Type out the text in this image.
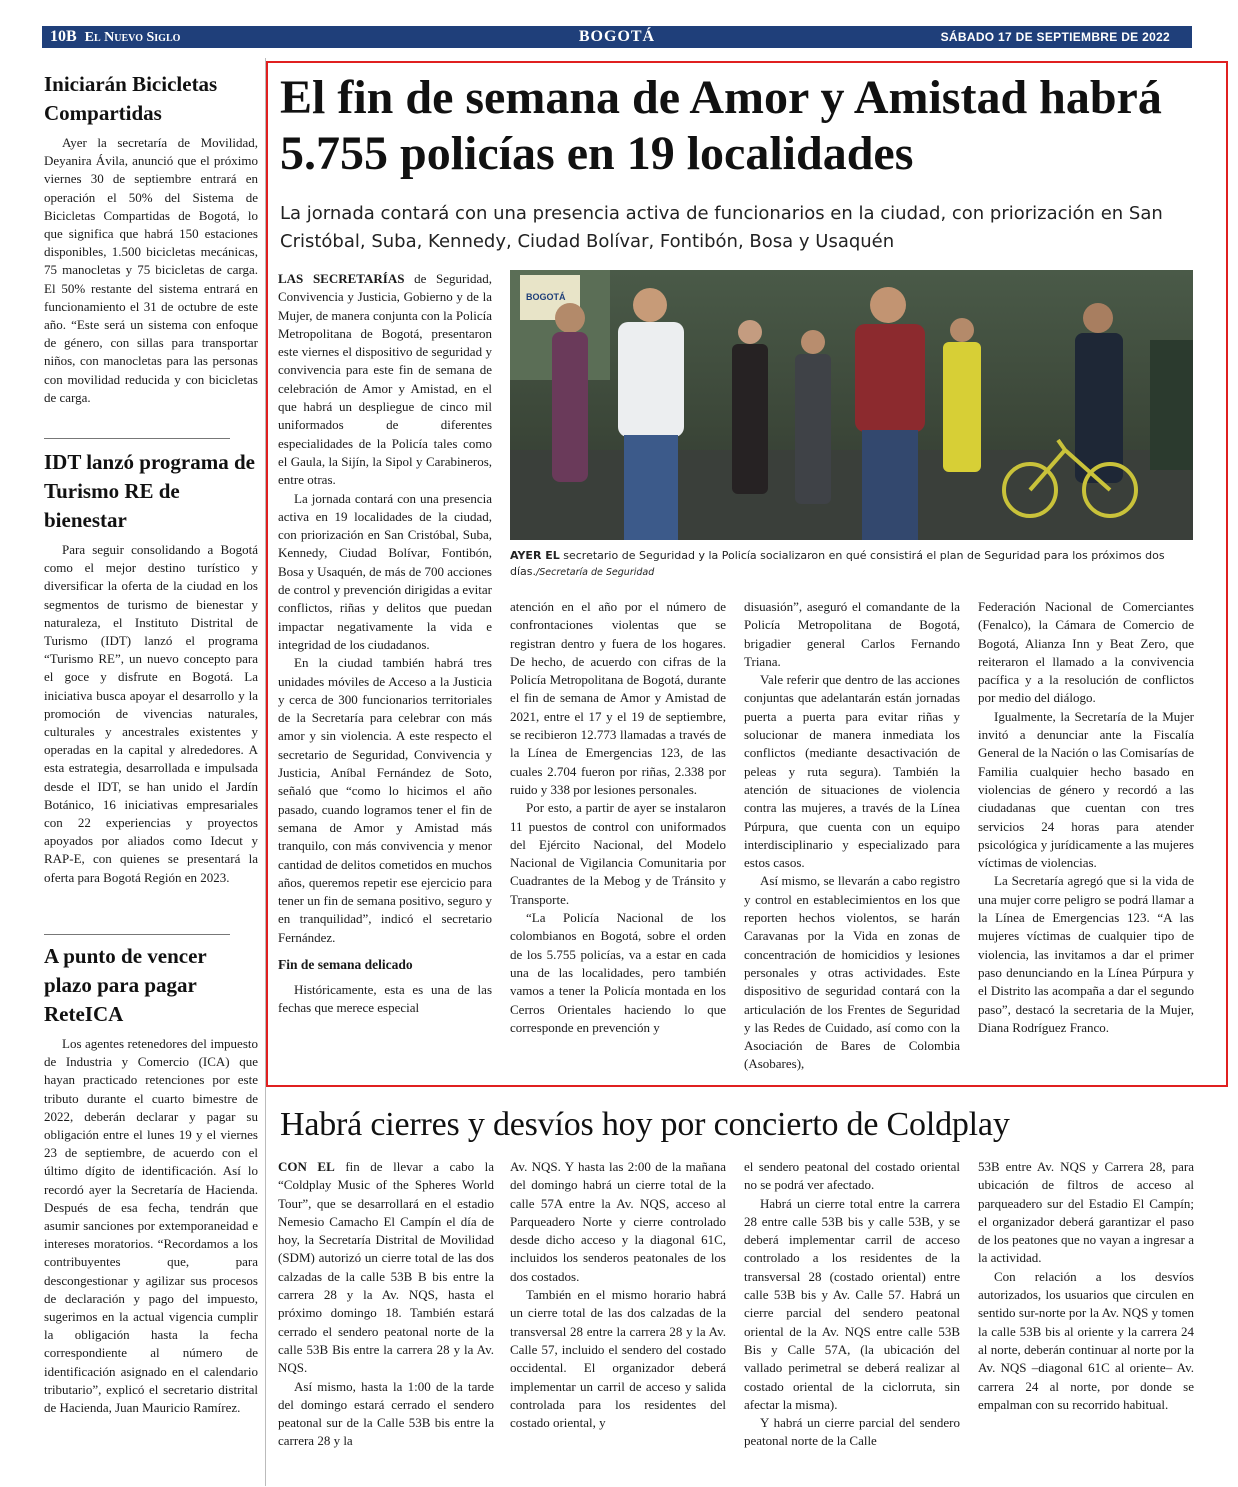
10B El Nuevo Siglo	BOGOTÁ	SÁBADO 17 DE SEPTIEMBRE DE 2022
Iniciarán Bicicletas Compartidas

Ayer la secretaría de Movilidad, Deyanira Ávila, anunció que el próximo viernes 30 de septiembre entrará en operación el 50% del Sistema de Bicicletas Compartidas de Bogotá, lo que significa que habrá 150 estaciones disponibles, 1.500 bicicletas mecánicas, 75 manocletas y 75 bicicletas de carga. El 50% restante del sistema entrará en funcionamiento el 31 de octubre de este año. “Este será un sistema con enfoque de género, con sillas para transportar niños, con manocletas para las personas con movilidad reducida y con bicicletas de carga.

IDT lanzó programa de Turismo RE de bienestar

Para seguir consolidando a Bogotá como el mejor destino turístico y diversificar la oferta de la ciudad en los segmentos de turismo de bienestar y naturaleza, el Instituto Distrital de Turismo (IDT) lanzó el programa “Turismo RE”, un nuevo concepto para el goce y disfrute en Bogotá. La iniciativa busca apoyar el desarrollo y la promoción de vivencias naturales, culturales y ancestrales existentes y operadas en la capital y alrededores. A esta estrategia, desarrollada e impulsada desde el IDT, se han unido el Jardín Botánico, 16 iniciativas empresariales con 22 experiencias y proyectos apoyados por aliados como Idecut y RAP-E, con quienes se presentará la oferta para Bogotá Región en 2023.

A punto de vencer plazo para pagar ReteICA

Los agentes retenedores del impuesto de Industria y Comercio (ICA) que hayan practicado retenciones por este tributo durante el cuarto bimestre de 2022, deberán declarar y pagar su obligación entre el lunes 19 y el viernes 23 de septiembre, de acuerdo con el último dígito de identificación. Así lo recordó ayer la Secretaría de Hacienda. Después de esa fecha, tendrán que asumir sanciones por extemporaneidad e intereses moratorios. “Recordamos a los contribuyentes que, para descongestionar y agilizar sus procesos de declaración y pago del impuesto, sugerimos en la actual vigencia cumplir la obligación hasta la fecha correspondiente al número de identificación asignado en el calendario tributario”, explicó el secretario distrital de Hacienda, Juan Mauricio Ramírez.

El fin de semana de Amor y Amistad habrá 5.755 policías en 19 localidades

La jornada contará con una presencia activa de funcionarios en la ciudad, con priorización en San Cristóbal, Suba, Kennedy, Ciudad Bolívar, Fontibón, Bosa y Usaquén

LAS SECRETARÍAS de Seguridad, Convivencia y Justicia, Gobierno y de la Mujer, de manera conjunta con la Policía Metropolitana de Bogotá, presentaron este viernes el dispositivo de seguridad y convivencia para este fin de semana de celebración de Amor y Amistad, en el que habrá un despliegue de cinco mil uniformados de diferentes especialidades de la Policía tales como el Gaula, la Sijín, la Sipol y Carabineros, entre otras.

La jornada contará con una presencia activa en 19 localidades de la ciudad, con priorización en San Cristóbal, Suba, Kennedy, Ciudad Bolívar, Fontibón, Bosa y Usaquén, de más de 700 acciones de control y prevención dirigidas a evitar conflictos, riñas y delitos que puedan impactar negativamente la vida e integridad de los ciudadanos.

En la ciudad también habrá tres unidades móviles de Acceso a la Justicia y cerca de 300 funcionarios territoriales de la Secretaría para celebrar con más amor y sin violencia. A este respecto el secretario de Seguridad, Convivencia y Justicia, Aníbal Fernández de Soto, señaló que “como lo hicimos el año pasado, cuando logramos tener el fin de semana de Amor y Amistad más tranquilo, con más convivencia y menor cantidad de delitos cometidos en muchos años, queremos repetir ese ejercicio para tener un fin de semana positivo, seguro y en tranquilidad”, indicó el secretario Fernández.

Fin de semana delicado

Históricamente, esta es una de las fechas que merece especial

BOGOTÁ

AYER EL secretario de Seguridad y la Policía socializaron en qué consistirá el plan de Seguridad para los próximos dos días./Secretaría de Seguridad

atención en el año por el número de confrontaciones violentas que se registran dentro y fuera de los hogares. De hecho, de acuerdo con cifras de la Policía Metropolitana de Bogotá, durante el fin de semana de Amor y Amistad de 2021, entre el 17 y el 19 de septiembre, se recibieron 12.773 llamadas a través de la Línea de Emergencias 123, de las cuales 2.704 fueron por riñas, 2.338 por ruido y 338 por lesiones personales.

Por esto, a partir de ayer se instalaron 11 puestos de control con uniformados del Ejército Nacional, del Modelo Nacional de Vigilancia Comunitaria por Cuadrantes de la Mebog y de Tránsito y Transporte.

“La Policía Nacional de los colombianos en Bogotá, sobre el orden de los 5.755 policías, va a estar en cada una de las localidades, pero también vamos a tener la Policía montada en los Cerros Orientales haciendo lo que corresponde en prevención y

disuasión”, aseguró el comandante de la Policía Metropolitana de Bogotá, brigadier general Carlos Fernando Triana.

Vale referir que dentro de las acciones conjuntas que adelantarán están jornadas puerta a puerta para evitar riñas y solucionar de manera inmediata los conflictos (mediante desactivación de peleas y ruta segura). También la atención de situaciones de violencia contra las mujeres, a través de la Línea Púrpura, que cuenta con un equipo interdisciplinario y especializado para estos casos.

Así mismo, se llevarán a cabo registro y control en establecimientos en los que reporten hechos violentos, se harán Caravanas por la Vida en zonas de concentración de homicidios y lesiones personales y otras actividades. Este dispositivo de seguridad contará con la articulación de los Frentes de Seguridad y las Redes de Cuidado, así como con la Asociación de Bares de Colombia (Asobares),

Federación Nacional de Comerciantes (Fenalco), la Cámara de Comercio de Bogotá, Alianza Inn y Beat Zero, que reiteraron el llamado a la convivencia pacífica y a la resolución de conflictos por medio del diálogo.

Igualmente, la Secretaría de la Mujer invitó a denunciar ante la Fiscalía General de la Nación o las Comisarías de Familia cualquier hecho basado en violencias de género y recordó a las ciudadanas que cuentan con tres servicios 24 horas para atender psicológica y jurídicamente a las mujeres víctimas de violencias.

La Secretaría agregó que si la vida de una mujer corre peligro se podrá llamar a la Línea de Emergencias 123. “A las mujeres víctimas de cualquier tipo de violencia, las invitamos a dar el primer paso denunciando en la Línea Púrpura y el Distrito las acompaña a dar el segundo paso”, destacó la secretaria de la Mujer, Diana Rodríguez Franco.

Habrá cierres y desvíos hoy por concierto de Coldplay

CON EL fin de llevar a cabo la “Coldplay Music of the Spheres World Tour”, que se desarrollará en el estadio Nemesio Camacho El Campín el día de hoy, la Secretaría Distrital de Movilidad (SDM) autorizó un cierre total de las dos calzadas de la calle 53B B bis entre la carrera 28 y la Av. NQS, hasta el próximo domingo 18. También estará cerrado el sendero peatonal norte de la calle 53B Bis entre la carrera 28 y la Av. NQS.

Así mismo, hasta la 1:00 de la tarde del domingo estará cerrado el sendero peatonal sur de la Calle 53B bis entre la carrera 28 y la

Av. NQS. Y hasta las 2:00 de la mañana del domingo habrá un cierre total de la calle 57A entre la Av. NQS, acceso al Parqueadero Norte y cierre controlado desde dicho acceso y la diagonal 61C, incluidos los senderos peatonales de los dos costados.

También en el mismo horario habrá un cierre total de las dos calzadas de la transversal 28 entre la carrera 28 y la Av. Calle 57, incluido el sendero del costado occidental. El organizador deberá implementar un carril de acceso y salida controlada para los residentes del costado oriental, y

el sendero peatonal del costado oriental no se podrá ver afectado.

Habrá un cierre total entre la carrera 28 entre calle 53B bis y calle 53B, y se deberá implementar carril de acceso controlado a los residentes de la transversal 28 (costado oriental) entre calle 53B bis y Av. Calle 57. Habrá un cierre parcial del sendero peatonal oriental de la Av. NQS entre calle 53B Bis y Calle 57A, (la ubicación del vallado perimetral se deberá realizar al costado oriental de la ciclorruta, sin afectar la misma).

Y habrá un cierre parcial del sendero peatonal norte de la Calle

53B entre Av. NQS y Carrera 28, para ubicación de filtros de acceso al parqueadero sur del Estadio El Campín; el organizador deberá garantizar el paso de los peatones que no vayan a ingresar a la actividad.

Con relación a los desvíos autorizados, los usuarios que circulen en sentido sur-norte por la Av. NQS y tomen la calle 53B bis al oriente y la carrera 24 al norte, deberán continuar al norte por la Av. NQS –diagonal 61C al oriente– Av. carrera 24 al norte, por donde se empalman con su recorrido habitual.
